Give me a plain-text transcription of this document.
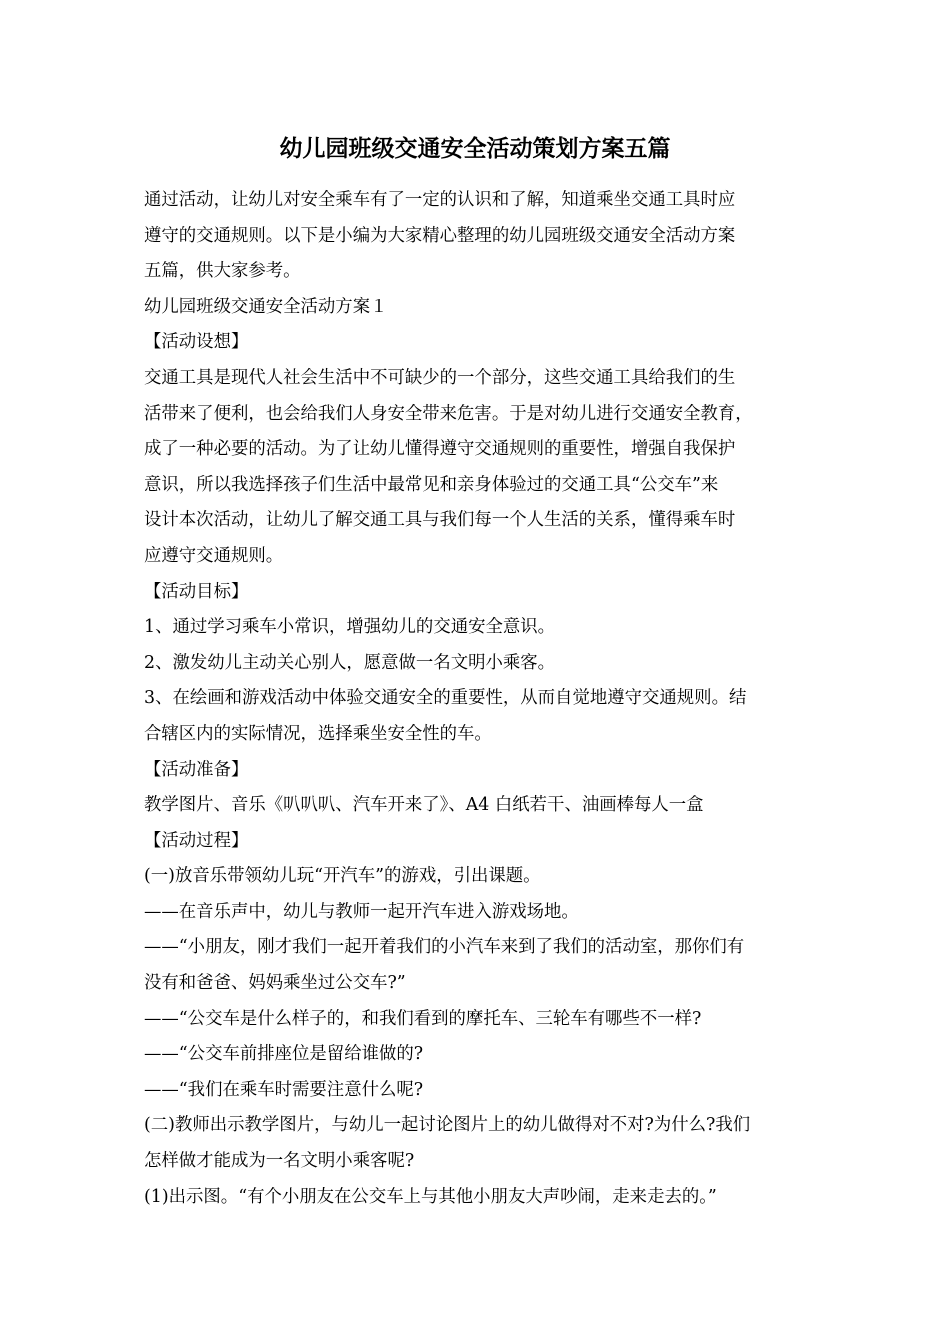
幼儿园班级交通安全活动策划方案五篇
通过活动，让幼儿对安全乘车有了一定的认识和了解，知道乘坐交通工具时应
遵守的交通规则。以下是小编为大家精心整理的幼儿园班级交通安全活动方案
五篇，供大家参考。
幼儿园班级交通安全活动方案１
【活动设想】
交通工具是现代人社会生活中不可缺少的一个部分，这些交通工具给我们的生
活带来了便利，也会给我们人身安全带来危害。于是对幼儿进行交通安全教育，
成了一种必要的活动。为了让幼儿懂得遵守交通规则的重要性，增强自我保护
意识，所以我选择孩子们生活中最常见和亲身体验过的交通工具“公交车”来
设计本次活动，让幼儿了解交通工具与我们每一个人生活的关系，懂得乘车时
应遵守交通规则。
【活动目标】
1、通过学习乘车小常识，增强幼儿的交通安全意识。
2、激发幼儿主动关心别人，愿意做一名文明小乘客。
3、在绘画和游戏活动中体验交通安全的重要性，从而自觉地遵守交通规则。结
合辖区内的实际情况，选择乘坐安全性的车。
【活动准备】
教学图片、音乐《叭叭叭、汽车开来了》、A4 白纸若干、油画棒每人一盒
【活动过程】
(一)放音乐带领幼儿玩“开汽车”的游戏，引出课题。
——在音乐声中，幼儿与教师一起开汽车进入游戏场地。
——“小朋友，刚才我们一起开着我们的小汽车来到了我们的活动室，那你们有
没有和爸爸、妈妈乘坐过公交车?”
——“公交车是什么样子的，和我们看到的摩托车、三轮车有哪些不一样?
——“公交车前排座位是留给谁做的?
——“我们在乘车时需要注意什么呢?
(二)教师出示教学图片，与幼儿一起讨论图片上的幼儿做得对不对?为什么?我们
怎样做才能成为一名文明小乘客呢?
(1)出示图。“有个小朋友在公交车上与其他小朋友大声吵闹，走来走去的。”
